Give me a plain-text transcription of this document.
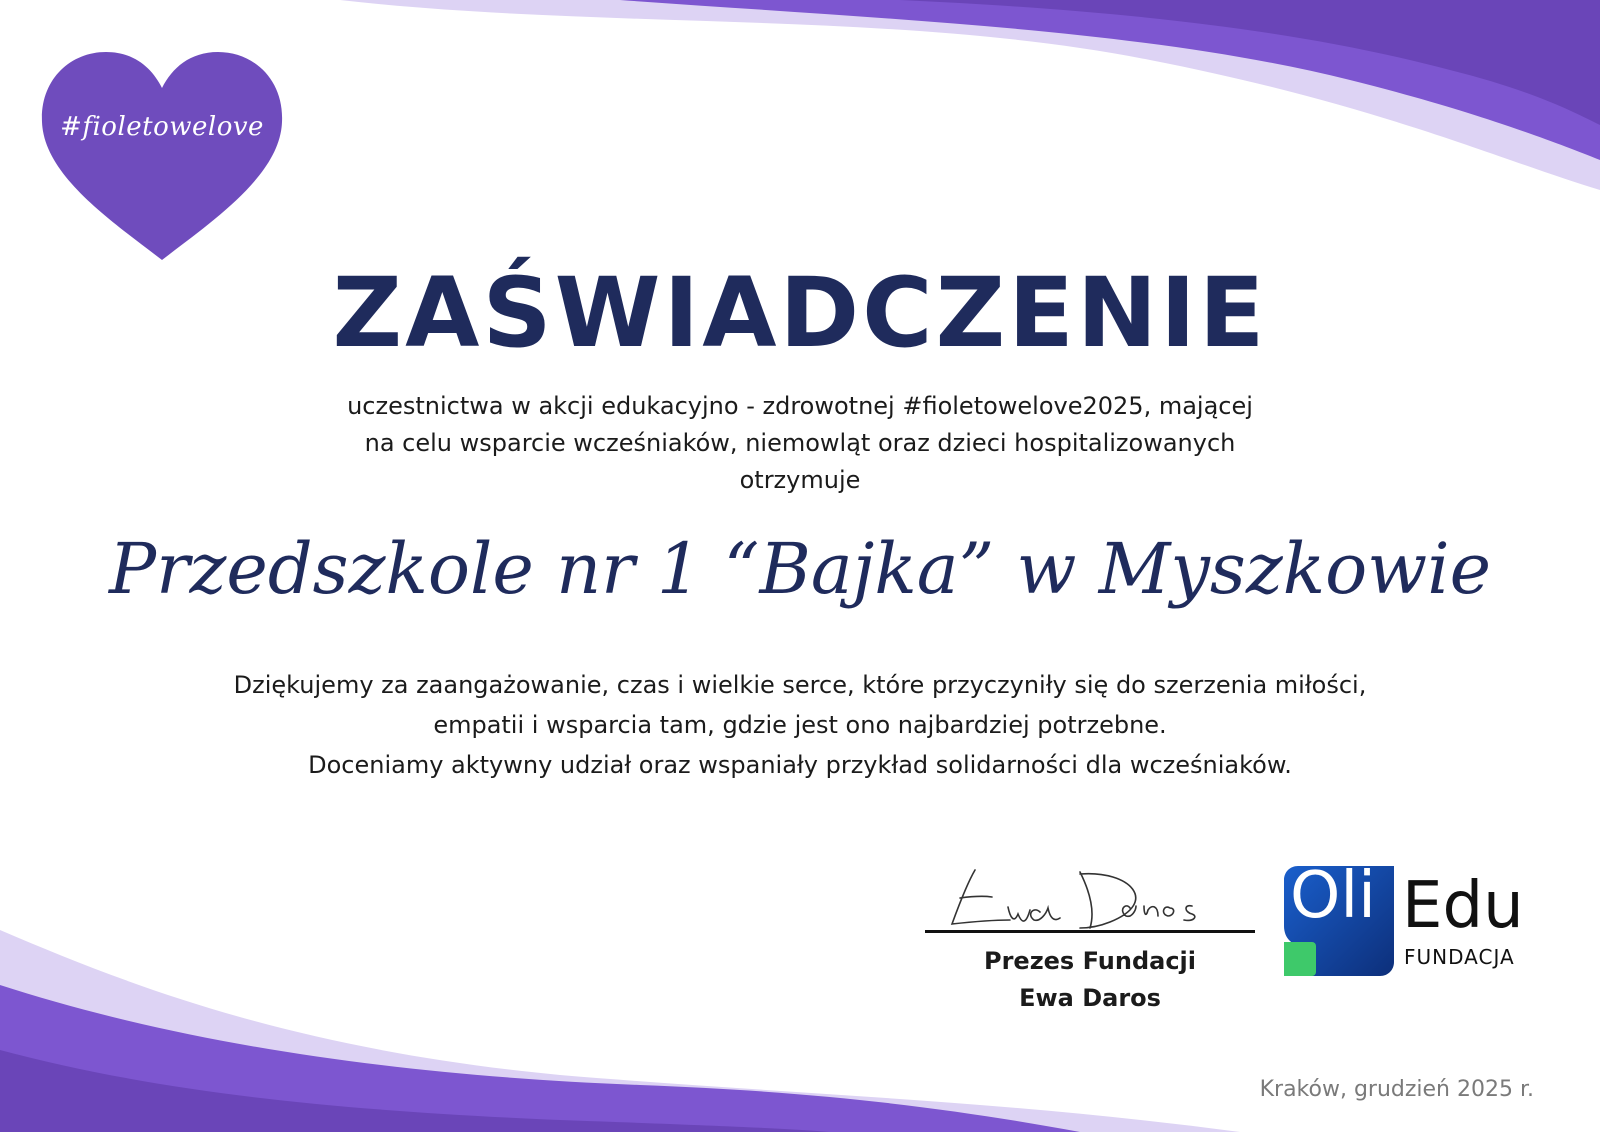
#fioletowelove
ZAŚWIADCZENIE
uczestnictwa w akcji edukacyjno - zdrowotnej #fioletowelove2025, mającej
na celu wsparcie wcześniaków, niemowląt oraz dzieci hospitalizowanych
otrzymuje
Przedszkole nr 1 “Bajka” w Myszkowie
Dziękujemy za zaangażowanie, czas i wielkie serce, które przyczyniły się do szerzenia miłości,
empatii i wsparcia tam, gdzie jest ono najbardziej potrzebne.
Doceniamy aktywny udział oraz wspaniały przykład solidarności dla wcześniaków.
Prezes Fundacji
Ewa Daros
Oli Edu
FUNDACJA
Kraków, grudzień 2025 r.
